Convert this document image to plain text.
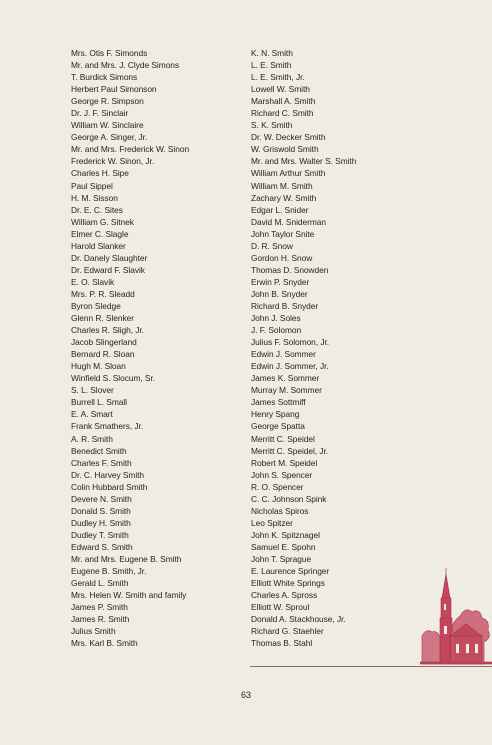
Mrs. Otis F. Simonds
Mr. and Mrs. J. Clyde Simons
T. Burdick Simons
Herbert Paul Simonson
George R. Simpson
Dr. J. F. Sinclair
William W. Sinclaire
George A. Singer, Jr.
Mr. and Mrs. Frederick W. Sinon
Frederick W. Sinon, Jr.
Charles H. Sipe
Paul Sippel
H. M. Sisson
Dr. E. C. Sites
William G. Sitnek
Elmer C. Slagle
Harold Slanker
Dr. Danely Slaughter
Dr. Edward F. Slavik
E. O. Slavik
Mrs. P. R. Sleadd
Byron Sledge
Glenn R. Slenker
Charles R. Sligh, Jr.
Jacob Slingerland
Bernard R. Sloan
Hugh M. Sloan
Winfield S. Slocum, Sr.
S. L. Slover
Burrell L. Small
E. A. Smart
Frank Smathers, Jr.
A. R. Smith
Benedict Smith
Charles F. Smith
Dr. C. Harvey Smith
Colin Hubbard Smith
Devere N. Smith
Donald S. Smith
Dudley H. Smith
Dudley T. Smith
Edward S. Smith
Mr. and Mrs. Eugene B. Smith
Eugene B. Smith, Jr.
Gerald L. Smith
Mrs. Helen W. Smith and family
James P. Smith
James R. Smith
Julius Smith
Mrs. Karl B. Smith
K. N. Smith
L. E. Smith
L. E. Smith, Jr.
Lowell W. Smith
Marshall A. Smith
Richard C. Smith
S. K. Smith
Dr. W. Decker Smith
W. Griswold Smith
Mr. and Mrs. Walter S. Smith
William Arthur Smith
William M. Smith
Zachary W. Smith
Edgar L. Snider
David M. Sniderman
John Taylor Snite
D. R. Snow
Gordon H. Snow
Thomas D. Snowden
Erwin P. Snyder
John B. Snyder
Richard B. Snyder
John J. Soles
J. F. Solomon
Julius F. Solomon, Jr.
Edwin J. Sommer
Edwin J. Sommer, Jr.
James K. Sommer
Murray M. Sommer
James Sottmiff
Henry Spang
George Spatta
Merritt C. Speidel
Merritt C. Speidel, Jr.
Robert M. Speidel
John S. Spencer
R. O. Spencer
C. C. Johnson Spink
Nicholas Spiros
Leo Spitzer
John K. Spitznagel
Samuel E. Spohn
John T. Sprague
E. Laurence Springer
Elliott White Springs
Charles A. Spross
Elliott W. Sproul
Donald A. Stackhouse, Jr.
Richard G. Staehler
Thomas B. Stahl
63
